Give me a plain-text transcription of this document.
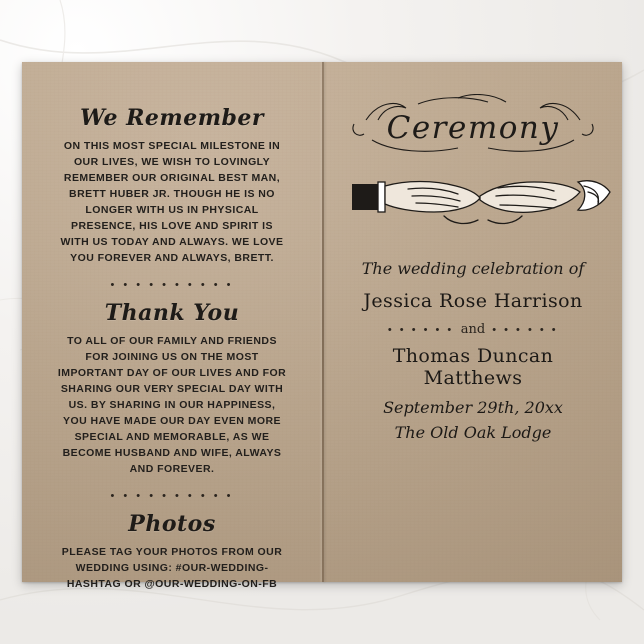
We Remember

ON THIS MOST SPECIAL MILESTONE IN OUR LIVES, WE WISH TO LOVINGLY REMEMBER OUR ORIGINAL BEST MAN, BRETT HUBER JR. THOUGH HE IS NO LONGER WITH US IN PHYSICAL PRESENCE, HIS LOVE AND SPIRIT IS WITH US TODAY AND ALWAYS. WE LOVE YOU FOREVER AND ALWAYS, BRETT.

• • • • • • • • • •
Thank You

TO ALL OF OUR FAMILY AND FRIENDS FOR JOINING US ON THE MOST IMPORTANT DAY OF OUR LIVES AND FOR SHARING OUR VERY SPECIAL DAY WITH US. BY SHARING IN OUR HAPPINESS, YOU HAVE MADE OUR DAY EVEN MORE SPECIAL AND MEMORABLE, AS WE BECOME HUSBAND AND WIFE, ALWAYS AND FOREVER.

• • • • • • • • • •
Photos

PLEASE TAG YOUR PHOTOS FROM OUR WEDDING USING: #OUR-WEDDING-HASHTAG OR @OUR-WEDDING-ON-FB

Ceremony
The wedding celebration of
Jessica Rose Harrison
• • • • • • and • • • • • •
Thomas Duncan Matthews
September 29th, 20xx
The Old Oak Lodge
